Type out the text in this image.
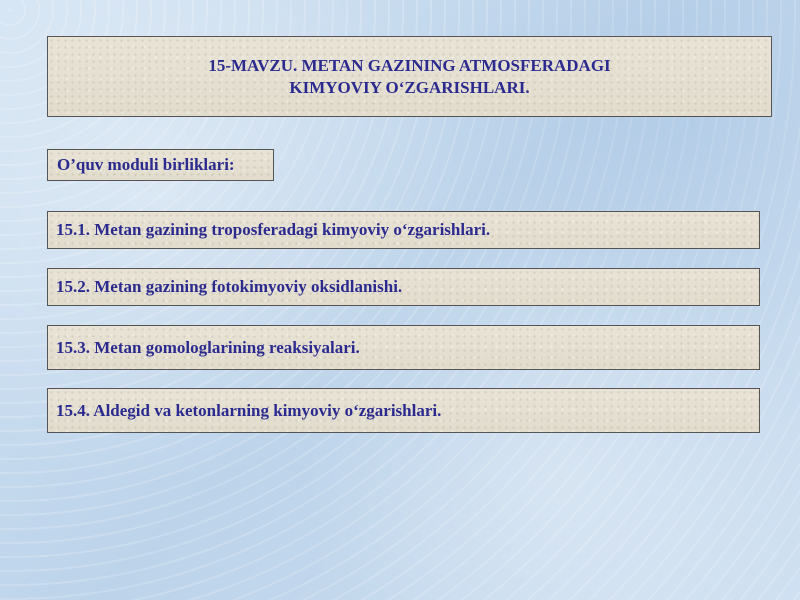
15-MAVZU. METAN GAZINING ATMOSFERADAGI
KIMYOVIY O‘ZGARISHLARI.
O’quv moduli birliklari:
15.1. Metan gazining troposferadagi kimyoviy o‘zgarishlari.
15.2. Metan gazining fotokimyoviy oksidlanishi.
15.3. Metan gomologlarining reaksiyalari.
15.4. Aldegid va ketonlarning kimyoviy o‘zgarishlari.
